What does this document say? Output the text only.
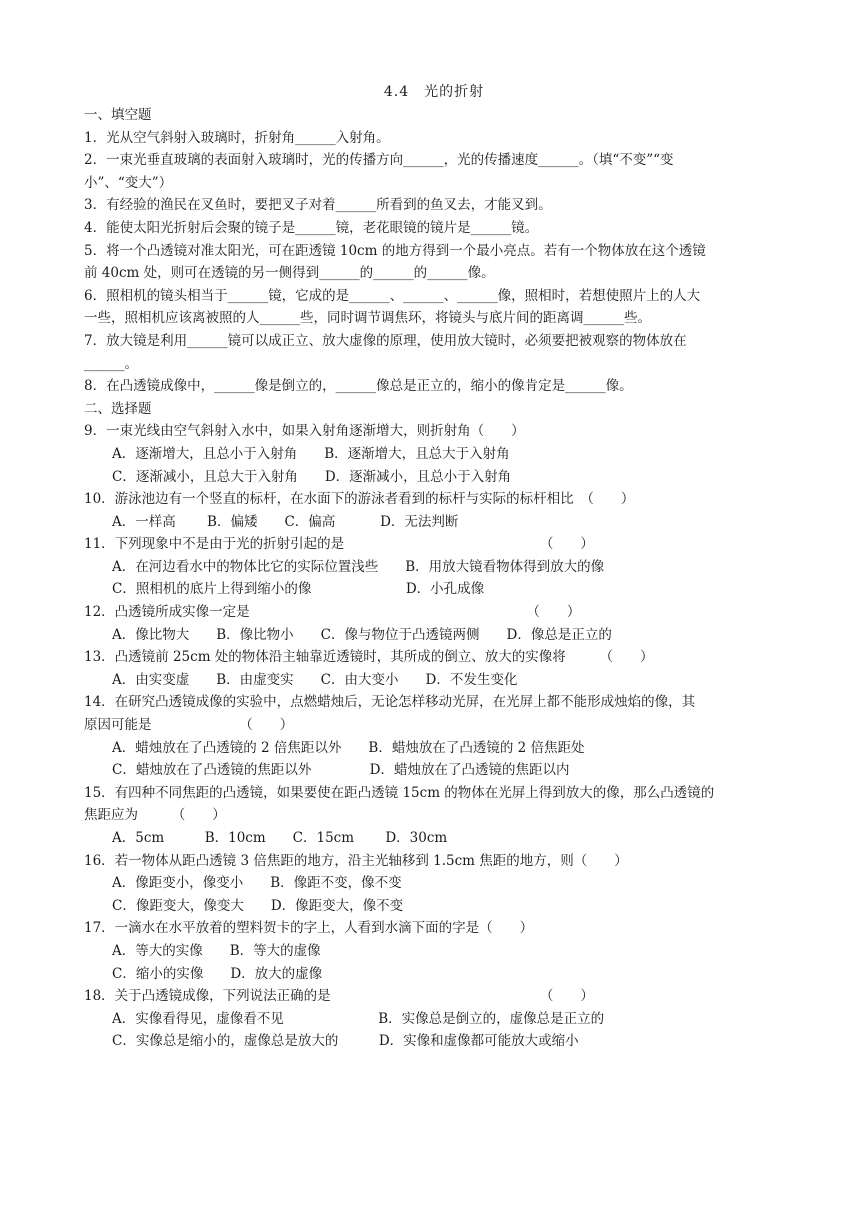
4.4　光的折射
一、填空题
1．光从空气斜射入玻璃时，折射角______入射角。
2．一束光垂直玻璃的表面射入玻璃时，光的传播方向______，光的传播速度______。（填“不变”“变
小”、“变大”）
3．有经验的渔民在叉鱼时，要把叉子对着______所看到的鱼叉去，才能叉到。
4．能使太阳光折射后会聚的镜子是______镜，老花眼镜的镜片是______镜。
5．将一个凸透镜对准太阳光，可在距透镜 10cm 的地方得到一个最小亮点。若有一个物体放在这个透镜
前 40cm 处，则可在透镜的另一侧得到______的______的______像。
6．照相机的镜头相当于______镜，它成的是______、______、______像，照相时，若想使照片上的人大
一些，照相机应该离被照的人______些，同时调节调焦环，将镜头与底片间的距离调______些。
7．放大镜是利用______镜可以成正立、放大虚像的原理，使用放大镜时，必须要把被观察的物体放在
______。
8．在凸透镜成像中，______像是倒立的，______像总是正立的，缩小的像肯定是______像。
二、选择题
9．一束光线由空气斜射入水中，如果入射角逐渐增大，则折射角（　　）
A．逐渐增大，且总小于入射角　　B．逐渐增大，且总大于入射角
C．逐渐减小，且总大于入射角　　D．逐渐减小，且总小于入射角
10．游泳池边有一个竖直的标杆，在水面下的游泳者看到的标杆与实际的标杆相比　（　　）
A．一样高　　 B．偏矮　　C．偏高　　　 D．无法判断
11．下列现象中不是由于光的折射引起的是　　　　　　　　　　　　　　　（　　）
A．在河边看水中的物体比它的实际位置浅些　　B．用放大镜看物体得到放大的像
C．照相机的底片上得到缩小的像　　　　　　　D．小孔成像
12．凸透镜所成实像一定是　　　　　　　　　　　　　　　　　　　　　（　　）
A．像比物大　　B．像比物小　　C．像与物位于凸透镜两侧　　D．像总是正立的
13．凸透镜前 25cm 处的物体沿主轴靠近透镜时，其所成的倒立、放大的实像将　　　（　　）
A．由实变虚　　B．由虚变实　　C．由大变小　　D．不发生变化
14．在研究凸透镜成像的实验中，点燃蜡烛后，无论怎样移动光屏，在光屏上都不能形成烛焰的像，其
原因可能是　　　　　　　（　　）
A．蜡烛放在了凸透镜的 2 倍焦距以外　　B．蜡烛放在了凸透镜的 2 倍焦距处
C．蜡烛放在了凸透镜的焦距以外　　　　 D．蜡烛放在了凸透镜的焦距以内
15．有四种不同焦距的凸透镜，如果要使在距凸透镜 15cm 的物体在光屏上得到放大的像，那么凸透镜的
焦距应为　　　（　　）
A．5cm　　　B．10cm　　C．15cm　　 D．30cm
16．若一物体从距凸透镜 3 倍焦距的地方，沿主光轴移到 1.5cm 焦距的地方，则（　　）
A．像距变小，像变小　　B．像距不变，像不变
C．像距变大，像变大　　D．像距变大，像不变
17．一滴水在水平放着的塑料贺卡的字上，人看到水滴下面的字是（　　）
A．等大的实像　　B．等大的虚像
C．缩小的实像　　D．放大的虚像
18．关于凸透镜成像，下列说法正确的是　　　　　　　　　　　　　　　　（　　）
A．实像看得见，虚像看不见　　　　　　　B．实像总是倒立的，虚像总是正立的
C．实像总是缩小的，虚像总是放大的　　　D．实像和虚像都可能放大或缩小
